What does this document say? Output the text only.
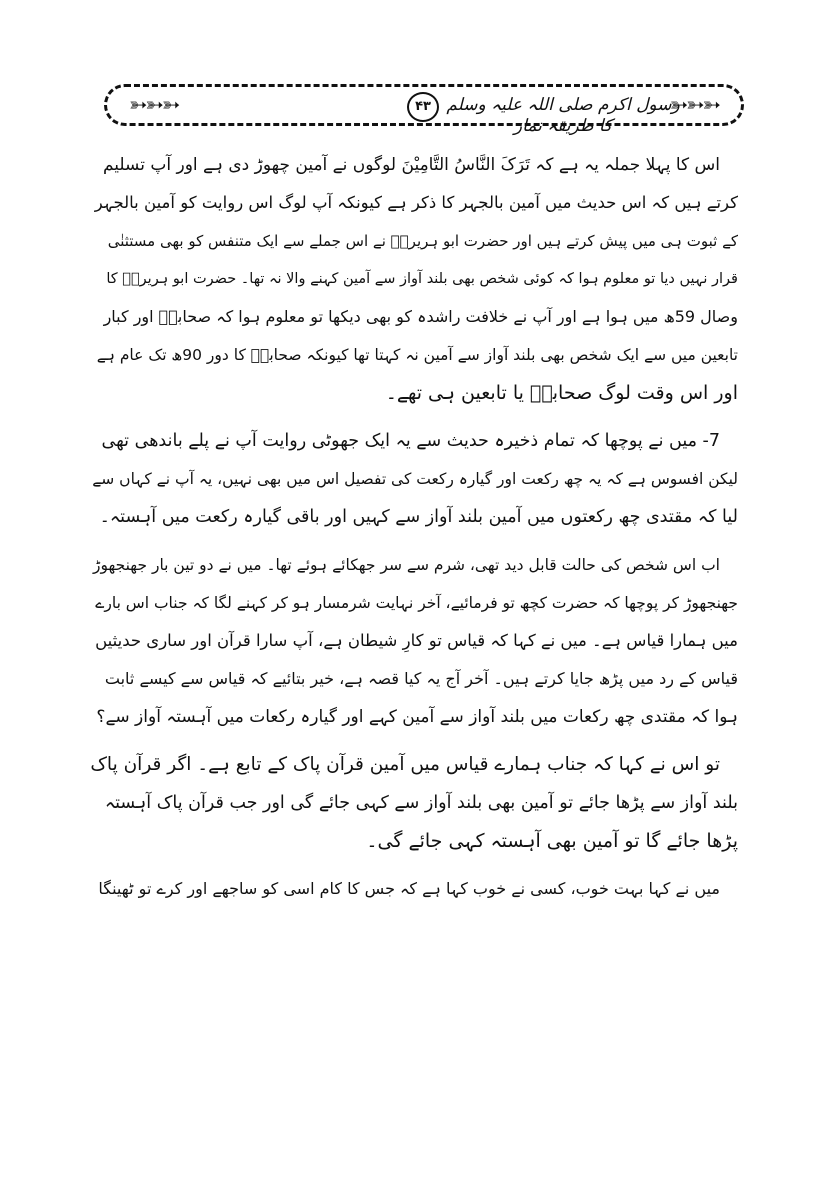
➳➳➳	۴۳ رسول اکرم صلی اللہ علیہ وسلم کا طریقہ نماز
➳➳➳
اس کا پہلا جملہ یہ ہے کہ تَرَکَ النَّاسُ التَّامِیْنَ لوگوں نے آمین چھوڑ دی ہے اور آپ تسلیم
کرتے ہیں کہ اس حدیث میں آمین بالجہر کا ذکر ہے کیونکہ آپ لوگ اس روایت کو آمین بالجہر
کے ثبوت ہی میں پیش کرتے ہیں اور حضرت ابو ہریرہؓ نے اس جملے سے ایک متنفس کو بھی مستثنٰی
قرار نہیں دیا تو معلوم ہوا کہ کوئی شخص بھی بلند آواز سے آمین کہنے والا نہ تھا۔ حضرت ابو ہریرہؓ کا
وصال 59ھ میں ہوا ہے اور آپ نے خلافت راشدہ کو بھی دیکھا تو معلوم ہوا کہ صحابہؓ اور کبار
تابعین میں سے ایک شخص بھی بلند آواز سے آمین نہ کہتا تھا کیونکہ صحابہؓ کا دور 90ھ تک عام ہے
اور اس وقت لوگ صحابہؓ یا تابعین ہی تھے۔
7- میں نے پوچھا کہ تمام ذخیرہ حدیث سے یہ ایک جھوٹی روایت آپ نے پلے باندھی تھی
لیکن افسوس ہے کہ یہ چھ رکعت اور گیارہ رکعت کی تفصیل اس میں بھی نہیں، یہ آپ نے کہاں سے
لیا کہ مقتدی چھ رکعتوں میں آمین بلند آواز سے کہیں اور باقی گیارہ رکعت میں آہستہ۔
اب اس شخص کی حالت قابل دید تھی، شرم سے سر جھکائے ہوئے تھا۔ میں نے دو تین بار جھنجھوڑ
جھنجھوڑ کر پوچھا کہ حضرت کچھ تو فرمائیے، آخر نہایت شرمسار ہو کر کہنے لگا کہ جناب اس بارے
میں ہمارا قیاس ہے۔ میں نے کہا کہ قیاس تو کارِ شیطان ہے، آپ سارا قرآن اور ساری حدیثیں
قیاس کے رد میں پڑھ جایا کرتے ہیں۔ آخر آج یہ کیا قصہ ہے، خیر بتائیے کہ قیاس سے کیسے ثابت
ہوا کہ مقتدی چھ رکعات میں بلند آواز سے آمین کہے اور گیارہ رکعات میں آہستہ آواز سے؟
تو اس نے کہا کہ جناب ہمارے قیاس میں آمین قرآن پاک کے تابع ہے۔ اگر قرآن پاک
بلند آواز سے پڑھا جائے تو آمین بھی بلند آواز سے کہی جائے گی اور جب قرآن پاک آہستہ
پڑھا جائے گا تو آمین بھی آہستہ کہی جائے گی۔
میں نے کہا بہت خوب، کسی نے خوب کہا ہے کہ جس کا کام اسی کو ساجھے اور کرے تو ٹھینگا
